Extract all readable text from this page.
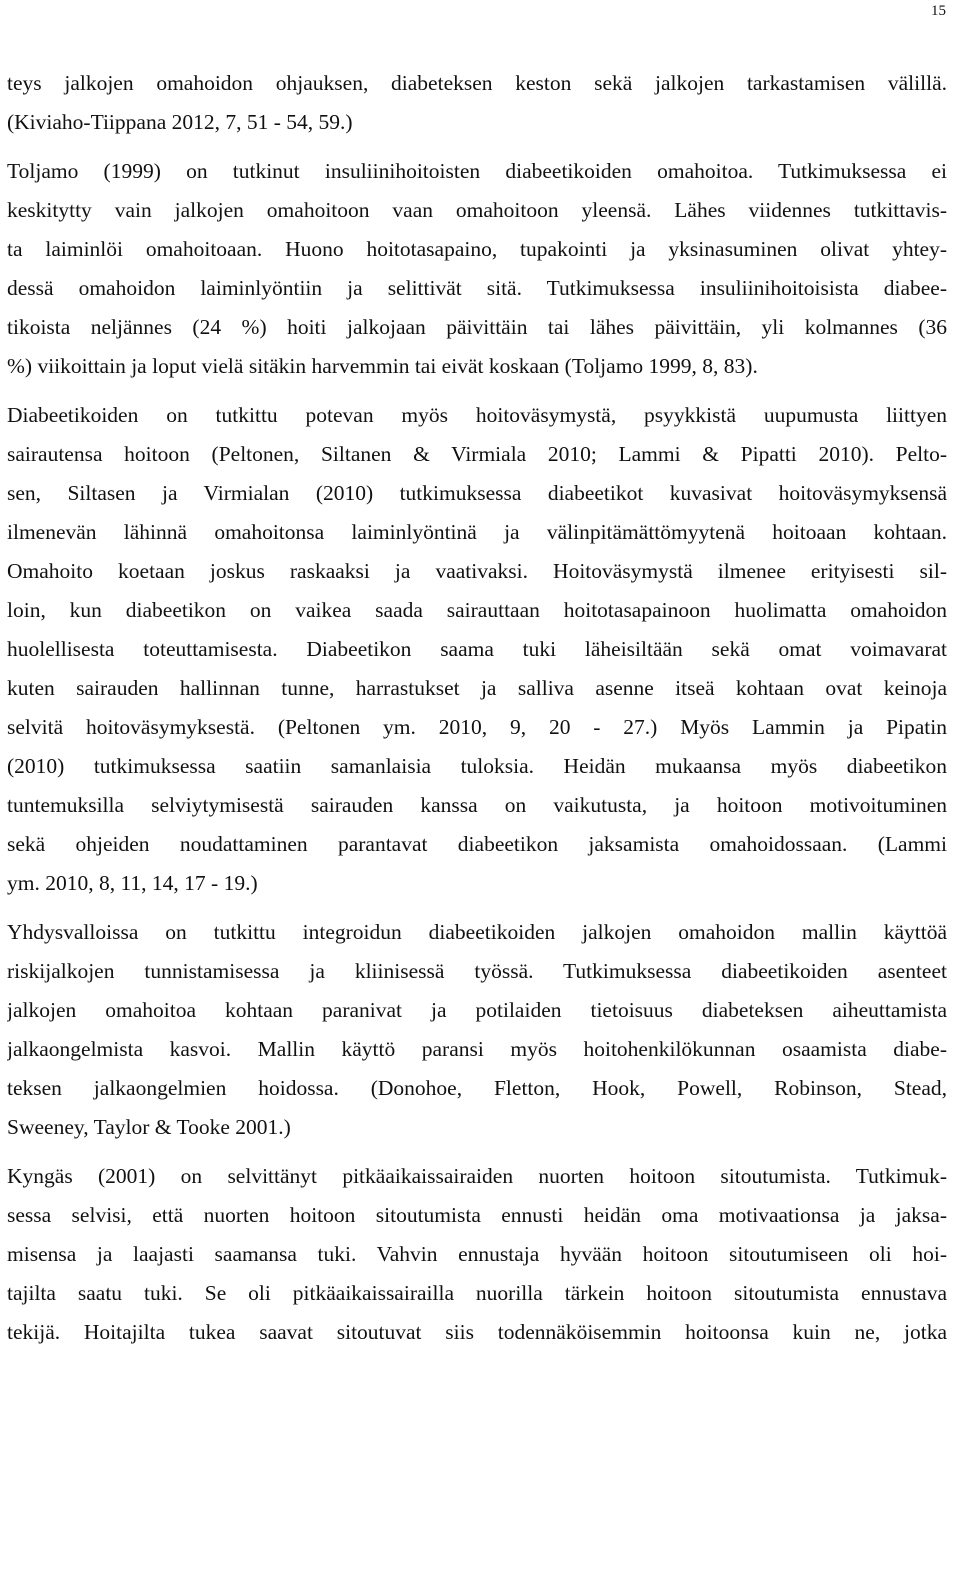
15
teys jalkojen omahoidon ohjauksen, diabeteksen keston sekä jalkojen tarkastamisen välillä.
(Kiviaho-Tiippana 2012, 7, 51 - 54, 59.)
Toljamo (1999) on tutkinut insuliinihoitoisten diabeetikoiden omahoitoa. Tutkimuksessa ei
keskitytty vain jalkojen omahoitoon vaan omahoitoon yleensä. Lähes viidennes tutkittavis-
ta laiminlöi omahoitoaan. Huono hoitotasapaino, tupakointi ja yksinasuminen olivat yhtey-
dessä omahoidon laiminlyöntiin ja selittivät sitä. Tutkimuksessa insuliinihoitoisista diabee-
tikoista neljännes (24 %) hoiti jalkojaan päivittäin tai lähes päivittäin, yli kolmannes (36
%) viikoittain ja loput vielä sitäkin harvemmin tai eivät koskaan (Toljamo 1999, 8, 83).
Diabeetikoiden on tutkittu potevan myös hoitoväsymystä, psyykkistä uupumusta liittyen
sairautensa hoitoon (Peltonen, Siltanen & Virmiala 2010; Lammi & Pipatti 2010). Pelto-
sen, Siltasen ja Virmialan (2010) tutkimuksessa diabeetikot kuvasivat hoitoväsymyksensä
ilmenevän lähinnä omahoitonsa laiminlyöntinä ja välinpitämättömyytenä hoitoaan kohtaan.
Omahoito koetaan joskus raskaaksi ja vaativaksi. Hoitoväsymystä ilmenee erityisesti sil-
loin, kun diabeetikon on vaikea saada sairauttaan hoitotasapainoon huolimatta omahoidon
huolellisesta toteuttamisesta. Diabeetikon saama tuki läheisiltään sekä omat voimavarat
kuten sairauden hallinnan tunne, harrastukset ja salliva asenne itseä kohtaan ovat keinoja
selvitä hoitoväsymyksestä. (Peltonen ym. 2010, 9, 20 - 27.) Myös Lammin ja Pipatin
(2010) tutkimuksessa saatiin samanlaisia tuloksia. Heidän mukaansa myös diabeetikon
tuntemuksilla selviytymisestä sairauden kanssa on vaikutusta, ja hoitoon motivoituminen
sekä ohjeiden noudattaminen parantavat diabeetikon jaksamista omahoidossaan. (Lammi
ym. 2010, 8, 11, 14, 17 - 19.)
Yhdysvalloissa on tutkittu integroidun diabeetikoiden jalkojen omahoidon mallin käyttöä
riskijalkojen tunnistamisessa ja kliinisessä työssä. Tutkimuksessa diabeetikoiden asenteet
jalkojen omahoitoa kohtaan paranivat ja potilaiden tietoisuus diabeteksen aiheuttamista
jalkaongelmista kasvoi. Mallin käyttö paransi myös hoitohenkilökunnan osaamista diabe-
teksen jalkaongelmien hoidossa. (Donohoe, Fletton, Hook, Powell, Robinson, Stead,
Sweeney, Taylor & Tooke 2001.)
Kyngäs (2001) on selvittänyt pitkäaikaissairaiden nuorten hoitoon sitoutumista. Tutkimuk-
sessa selvisi, että nuorten hoitoon sitoutumista ennusti heidän oma motivaationsa ja jaksa-
misensa ja laajasti saamansa tuki. Vahvin ennustaja hyvään hoitoon sitoutumiseen oli hoi-
tajilta saatu tuki. Se oli pitkäaikaissairailla nuorilla tärkein hoitoon sitoutumista ennustava
tekijä. Hoitajilta tukea saavat sitoutuvat siis todennäköisemmin hoitoonsa kuin ne, jotka
